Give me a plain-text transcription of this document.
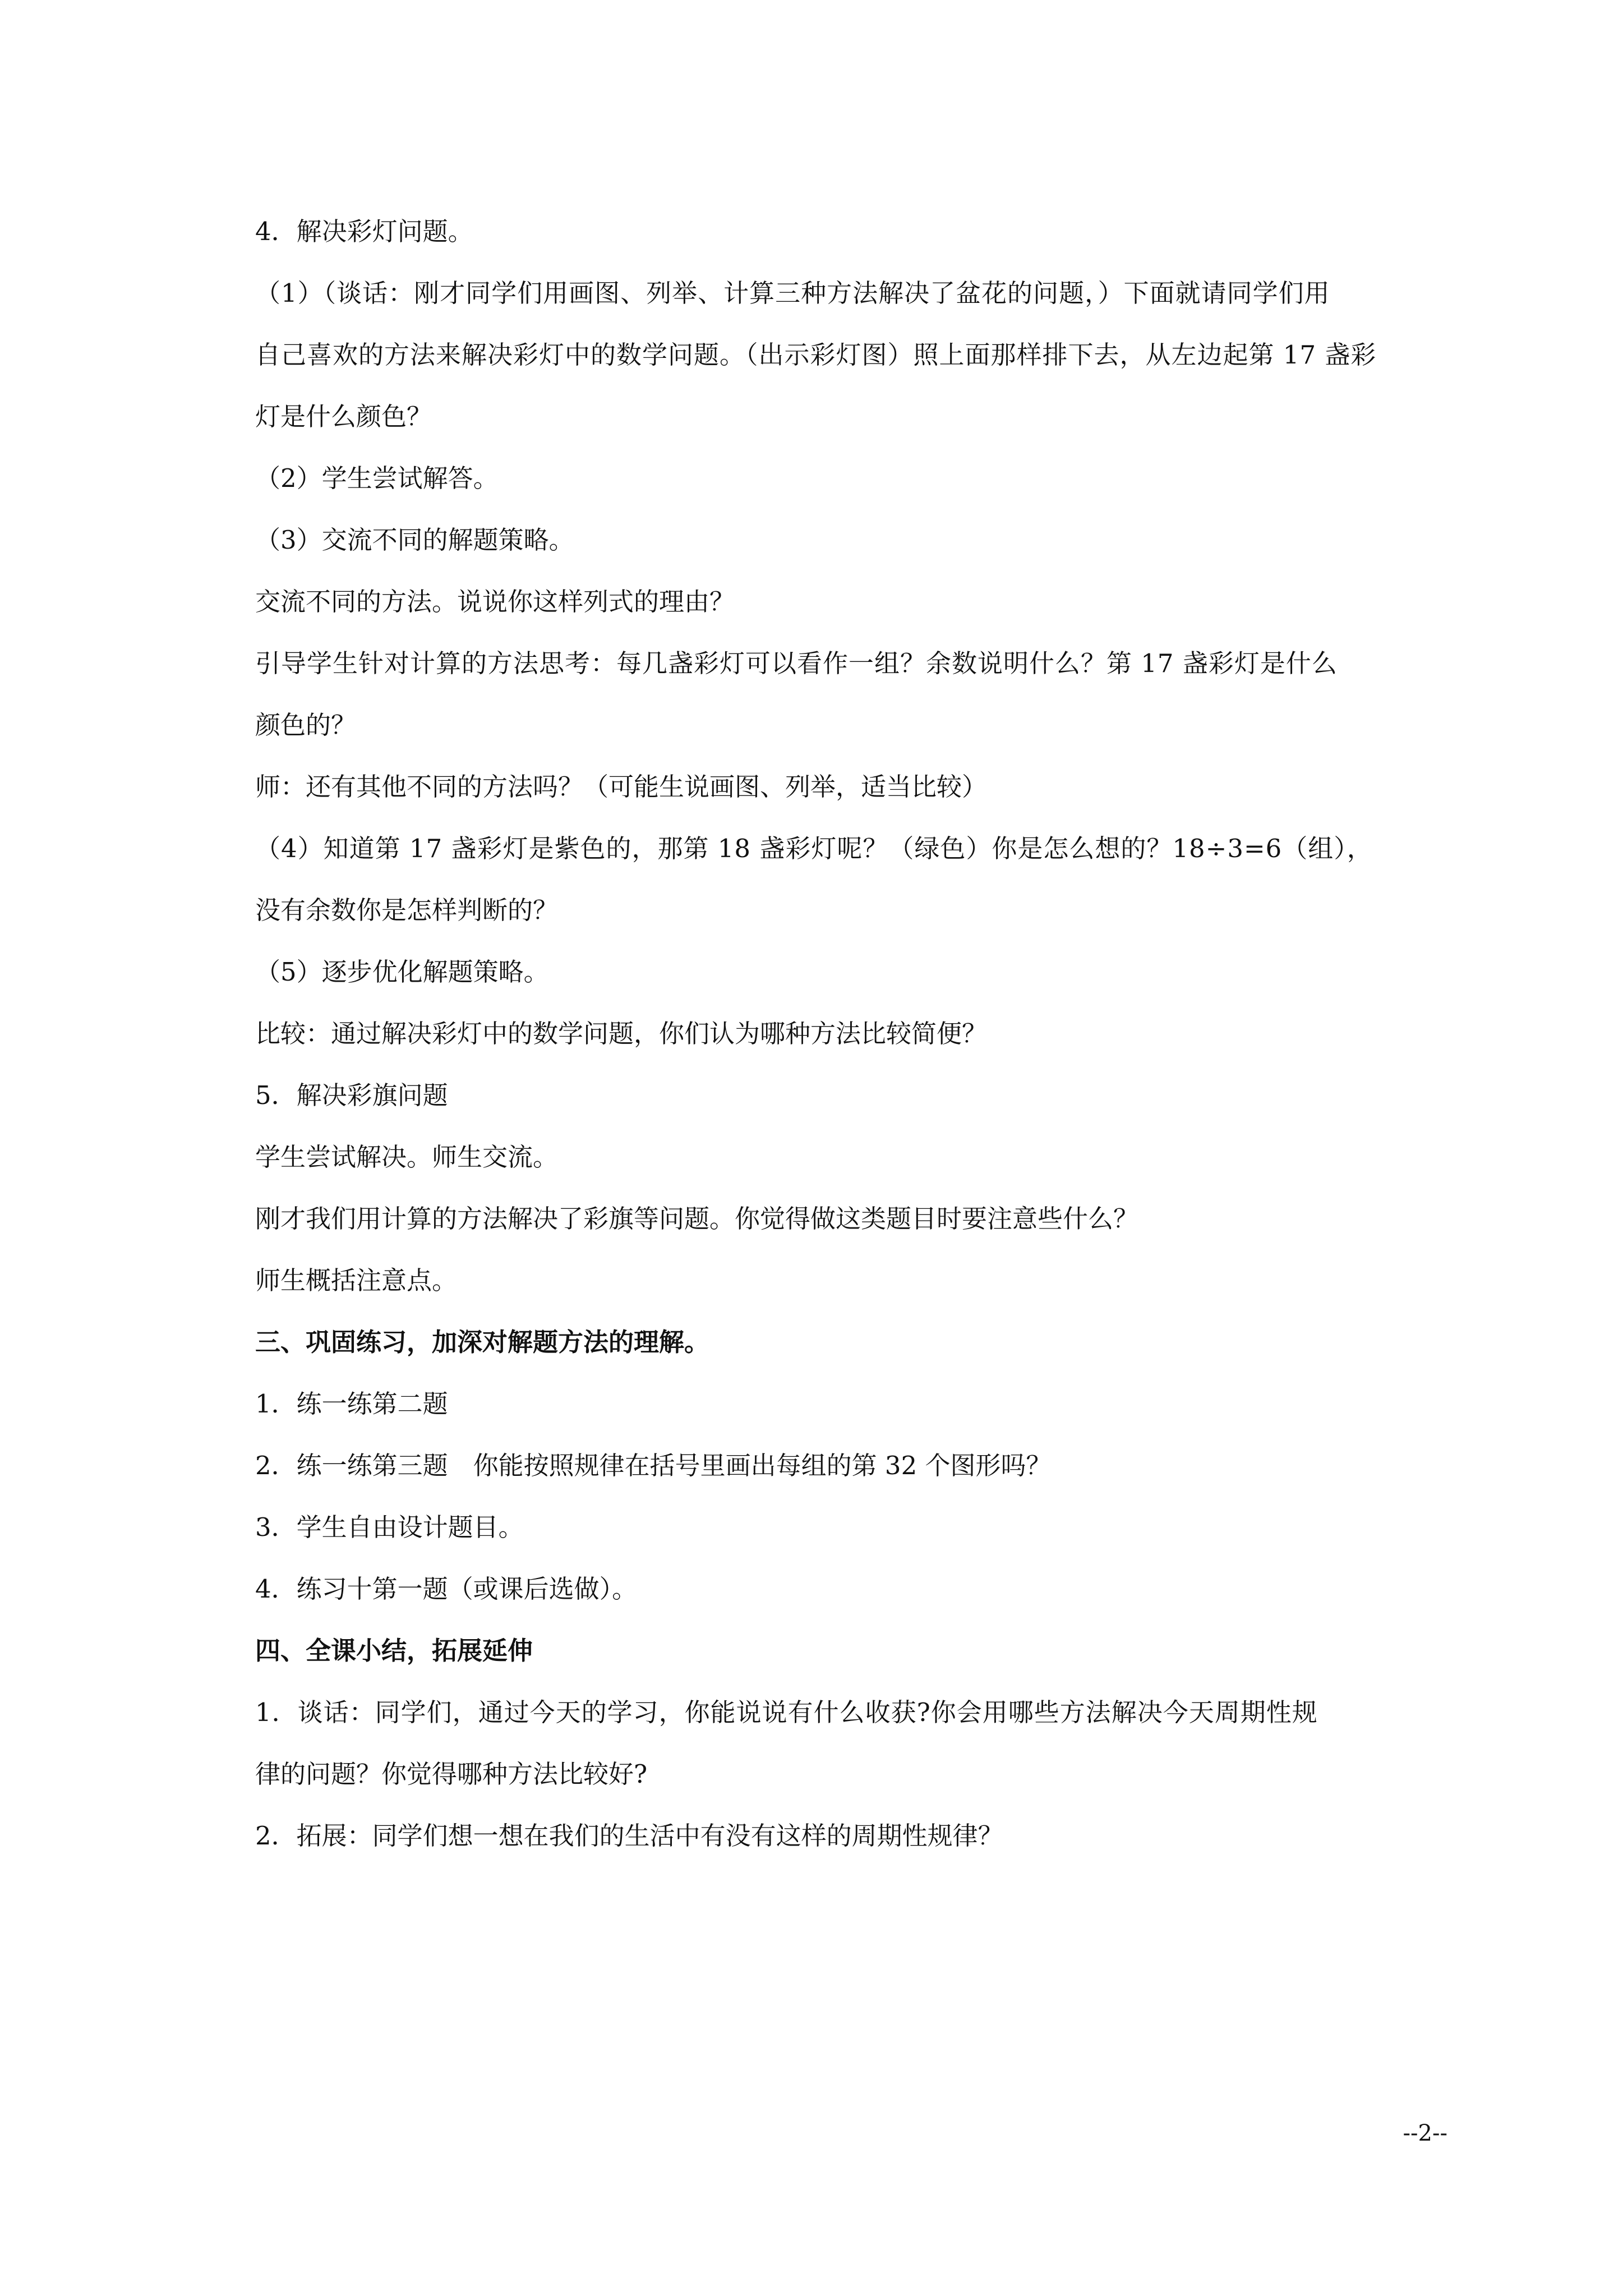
4．解决彩灯问题。
（1）（谈话：刚才同学们用画图、列举、计算三种方法解决了盆花的问题，）下面就请同学们用
自己喜欢的方法来解决彩灯中的数学问题。（出示彩灯图）照上面那样排下去，从左边起第 17 盏彩
灯是什么颜色？
（2）学生尝试解答。
（3）交流不同的解题策略。
交流不同的方法。说说你这样列式的理由？
引导学生针对计算的方法思考：每几盏彩灯可以看作一组？余数说明什么？第 17 盏彩灯是什么
颜色的？
师：还有其他不同的方法吗？（可能生说画图、列举，适当比较）
（4）知道第 17 盏彩灯是紫色的，那第 18 盏彩灯呢？（绿色）你是怎么想的？18÷3=6（组），
没有余数你是怎样判断的？
（5）逐步优化解题策略。
比较：通过解决彩灯中的数学问题，你们认为哪种方法比较简便？
5．解决彩旗问题
学生尝试解决。师生交流。
刚才我们用计算的方法解决了彩旗等问题。你觉得做这类题目时要注意些什么？
师生概括注意点。
三、巩固练习，加深对解题方法的理解。
1．练一练第二题
2．练一练第三题　你能按照规律在括号里画出每组的第 32 个图形吗？
3．学生自由设计题目。
4．练习十第一题（或课后选做）。
四、全课小结，拓展延伸
1．谈话：同学们，通过今天的学习，你能说说有什么收获?你会用哪些方法解决今天周期性规
律的问题？你觉得哪种方法比较好?
2．拓展：同学们想一想在我们的生活中有没有这样的周期性规律？
--2--
